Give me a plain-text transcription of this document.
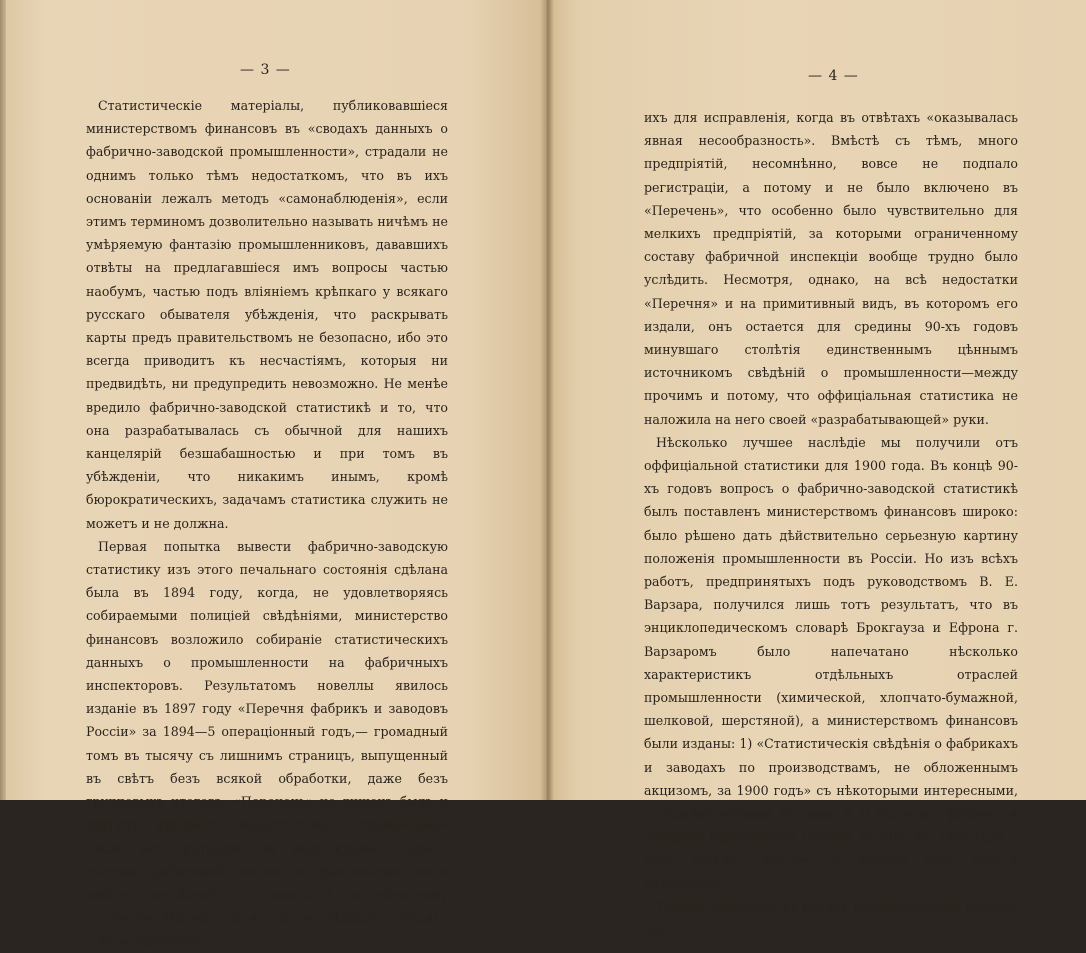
— 3 —	— 4 —

Статистическіе матеріалы, публиковавшіеся министерствомъ финансовъ въ «сводахъ данныхъ о фабрично-заводской промышленности», страдали не однимъ только тѣмъ недостаткомъ, что въ ихъ основаніи лежалъ методъ «самонаблюденія», если этимъ терминомъ дозволительно называть ничѣмъ не умѣряемую фантазію промышленниковъ, дававшихъ отвѣты на предлагавшіеся имъ вопросы частью наобумъ, частью подъ вліяніемъ крѣпкаго у всякаго русскаго обывателя убѣжденія, что раскрывать карты предъ правительствомъ не безопасно, ибо это всегда приводитъ къ несчастіямъ, которыя ни предвидѣть, ни предупредить невозможно. Не менѣе вредило фабрично-заводской статистикѣ и то, что она разрабатывалась съ обычной для нашихъ канцелярій безшабашностью и при томъ въ убѣжденіи, что никакимъ инымъ, кромѣ бюрократическихъ, задачамъ статистика служить не можетъ и не должна.

Первая попытка вывести фабрично-заводскую статистику изъ этого печальнаго состоянія сдѣлана была въ 1894 году, когда, не удовлетворяясь собираемыми полиціей свѣдѣніями, министерство финансовъ возложило собираніе статистическихъ данныхъ о промышленности на фабричныхъ инспекторовъ. Результатомъ новеллы явилось изданіе въ 1897 году «Перечня фабрикъ и заводовъ Россіи» за 1894—5 операціонный годъ,— громадный томъ въ тысячу съ лишнимъ страницъ, выпущенный въ свѣтъ безъ всякой обработки, даже безъ групповыхъ итоговъ. «Перечень» не лишенъ былъ и другихъ крупныхъ недостатковъ. Ограниченное число регистраторовъ, въ виду крайне слабаго состава фабричной инспекціи, фактически свело работу послѣдней къ разсылкѣ и обратному полученію вѣдомостей, и лишь въ рѣдкихъ случаяхъ—къ возвращенію

ихъ для исправленія, когда въ отвѣтахъ «оказывалась явная несообразность». Вмѣстѣ съ тѣмъ, много предпріятій, несомнѣнно, вовсе не подпало регистраціи, а потому и не было включено въ «Перечень», что особенно было чувствительно для мелкихъ предпріятій, за которыми ограниченному составу фабричной инспекціи вообще трудно было услѣдить. Несмотря, однако, на всѣ недостатки «Перечня» и на примитивный видъ, въ которомъ его издали, онъ остается для средины 90-хъ годовъ минувшаго столѣтія единственнымъ цѣннымъ источникомъ свѣдѣній о промышленности—между прочимъ и потому, что оффиціальная статистика не наложила на него своей «разрабатывающей» руки.

Нѣсколько лучшее наслѣдіе мы получили отъ оффиціальной статистики для 1900 года. Въ концѣ 90-хъ годовъ вопросъ о фабрично-заводской статистикѣ былъ поставленъ министерствомъ финансовъ широко: было рѣшено дать дѣйствительно серьезную картину положенія промышленности въ Россіи. Но изъ всѣхъ работъ, предпринятыхъ подъ руководствомъ В. Е. Варзара, получился лишь тотъ результатъ, что въ энциклопедическомъ словарѣ Брокгауза и Ефрона г. Варзаромъ было напечатано нѣсколько характеристикъ отдѣльныхъ отраслей промышленности (химической, хлопчато-бумажной, шелковой, шерстяной), а министерствомъ финансовъ были изданы: 1) «Статистическія свѣдѣнія о фабрикахъ и заводахъ по производствамъ, не обложеннымъ акцизомъ, за 1900 годъ» съ нѣкоторыми интересными, но крайне общими итогами, и 2) «Списокъ фабрикъ и заводовъ Европейской Россіи» за тотъ же 1900 годъ—безъ всякихъ итоговъ и вообще безъ всякой разработки.

Такимъ образомъ, въ рукахъ изслѣдователей русской про-
